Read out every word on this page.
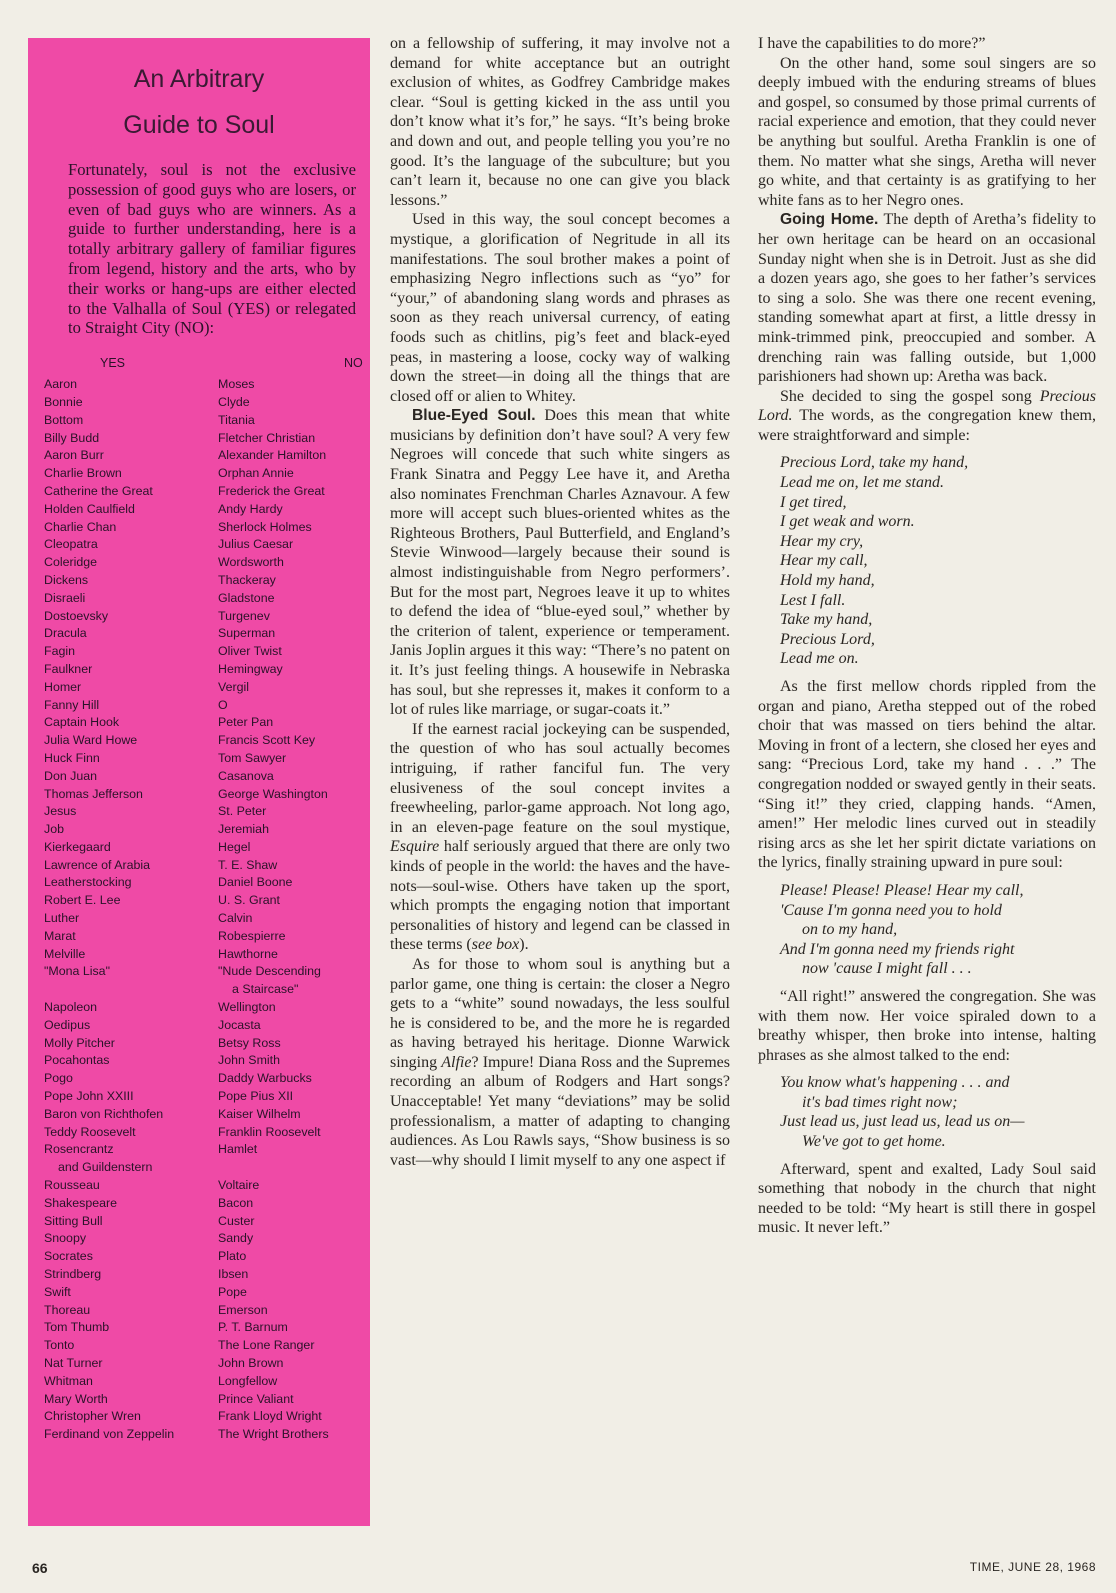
An Arbitrary
Guide to Soul
Fortunately, soul is not the exclusive possession of good guys who are losers, or even of bad guys who are winners. As a guide to further understanding, here is a totally arbitrary gallery of familiar figures from legend, history and the arts, who by their works or hang-ups are either elected to the Valhalla of Soul (YES) or relegated to Straight City (NO):
YES	NO
Aaron	Moses
Bonnie	Clyde
Bottom	Titania
Billy Budd	Fletcher Christian
Aaron Burr	Alexander Hamilton
Charlie Brown	Orphan Annie
Catherine the Great	Frederick the Great
Holden Caulfield	Andy Hardy
Charlie Chan	Sherlock Holmes
Cleopatra	Julius Caesar
Coleridge	Wordsworth
Dickens	Thackeray
Disraeli	Gladstone
Dostoevsky	Turgenev
Dracula	Superman
Fagin	Oliver Twist
Faulkner	Hemingway
Homer	Vergil
Fanny Hill	O
Captain Hook	Peter Pan
Julia Ward Howe	Francis Scott Key
Huck Finn	Tom Sawyer
Don Juan	Casanova
Thomas Jefferson	George Washington
Jesus	St. Peter
Job	Jeremiah
Kierkegaard	Hegel
Lawrence of Arabia	T. E. Shaw
Leatherstocking	Daniel Boone
Robert E. Lee	U. S. Grant
Luther	Calvin
Marat	Robespierre
Melville	Hawthorne
"Mona Lisa"	"Nude Descending
a Staircase"
Napoleon	Wellington
Oedipus	Jocasta
Molly Pitcher	Betsy Ross
Pocahontas	John Smith
Pogo	Daddy Warbucks
Pope John XXIII	Pope Pius XII
Baron von Richthofen	Kaiser Wilhelm
Teddy Roosevelt	Franklin Roosevelt
Rosencrantz	Hamlet
and Guildenstern
Rousseau	Voltaire
Shakespeare	Bacon
Sitting Bull	Custer
Snoopy	Sandy
Socrates	Plato
Strindberg	Ibsen
Swift	Pope
Thoreau	Emerson
Tom Thumb	P. T. Barnum
Tonto	The Lone Ranger
Nat Turner	John Brown
Whitman	Longfellow
Mary Worth	Prince Valiant
Christopher Wren	Frank Lloyd Wright
Ferdinand von Zeppelin	The Wright Brothers

on a fellowship of suffering, it may involve not a demand for white acceptance but an outright exclusion of whites, as Godfrey Cambridge makes clear. “Soul is getting kicked in the ass until you don’t know what it’s for,” he says. “It’s being broke and down and out, and people telling you you’re no good. It’s the language of the subculture; but you can’t learn it, because no one can give you black lessons.”

Used in this way, the soul concept becomes a mystique, a glorification of Negritude in all its manifestations. The soul brother makes a point of emphasizing Negro inflections such as “yo” for “your,” of abandoning slang words and phrases as soon as they reach universal currency, of eating foods such as chitlins, pig’s feet and black-eyed peas, in mastering a loose, cocky way of walking down the street—in doing all the things that are closed off or alien to Whitey.

Blue-Eyed Soul. Does this mean that white musicians by definition don’t have soul? A very few Negroes will concede that such white singers as Frank Sinatra and Peggy Lee have it, and Aretha also nominates Frenchman Charles Aznavour. A few more will accept such blues-oriented whites as the Righteous Brothers, Paul Butterfield, and England’s Stevie Winwood—largely because their sound is almost indistinguishable from Negro performers’. But for the most part, Negroes leave it up to whites to defend the idea of “blue-eyed soul,” whether by the criterion of talent, experience or temperament. Janis Joplin argues it this way: “There’s no patent on it. It’s just feeling things. A housewife in Nebraska has soul, but she represses it, makes it conform to a lot of rules like marriage, or sugar-coats it.”

If the earnest racial jockeying can be suspended, the question of who has soul actually becomes intriguing, if rather fanciful fun. The very elusiveness of the soul concept invites a freewheeling, parlor-game approach. Not long ago, in an eleven-page feature on the soul mystique, Esquire half seriously argued that there are only two kinds of people in the world: the haves and the have-nots—soul-wise. Others have taken up the sport, which prompts the engaging notion that important personalities of history and legend can be classed in these terms (see box).

As for those to whom soul is anything but a parlor game, one thing is certain: the closer a Negro gets to a “white” sound nowadays, the less soulful he is considered to be, and the more he is regarded as having betrayed his heritage. Dionne Warwick singing Alfie? Impure! Diana Ross and the Supremes recording an album of Rodgers and Hart songs? Unacceptable! Yet many “deviations” may be solid professionalism, a matter of adapting to changing audiences. As Lou Rawls says, “Show business is so vast—why should I limit myself to any one aspect if

I have the capabilities to do more?”

On the other hand, some soul singers are so deeply imbued with the enduring streams of blues and gospel, so consumed by those primal currents of racial experience and emotion, that they could never be anything but soulful. Aretha Franklin is one of them. No matter what she sings, Aretha will never go white, and that certainty is as gratifying to her white fans as to her Negro ones.

Going Home. The depth of Aretha’s fidelity to her own heritage can be heard on an occasional Sunday night when she is in Detroit. Just as she did a dozen years ago, she goes to her father’s services to sing a solo. She was there one recent evening, standing somewhat apart at first, a little dressy in mink-trimmed pink, preoccupied and somber. A drenching rain was falling outside, but 1,000 parishioners had shown up: Aretha was back.

She decided to sing the gospel song Precious Lord. The words, as the congregation knew them, were straightforward and simple:

Precious Lord, take my hand,
Lead me on, let me stand.
I get tired,
I get weak and worn.
Hear my cry,
Hear my call,
Hold my hand,
Lest I fall.
Take my hand,
Precious Lord,
Lead me on.

As the first mellow chords rippled from the organ and piano, Aretha stepped out of the robed choir that was massed on tiers behind the altar. Moving in front of a lectern, she closed her eyes and sang: “Precious Lord, take my hand . . .” The congregation nodded or swayed gently in their seats. “Sing it!” they cried, clapping hands. “Amen, amen!” Her melodic lines curved out in steadily rising arcs as she let her spirit dictate variations on the lyrics, finally straining upward in pure soul:

Please! Please! Please! Hear my call,
'Cause I'm gonna need you to hold
on to my hand,
And I'm gonna need my friends right
now 'cause I might fall . . .

“All right!” answered the congregation. She was with them now. Her voice spiraled down to a breathy whisper, then broke into intense, halting phrases as she almost talked to the end:

You know what's happening . . . and
it's bad times right now;
Just lead us, just lead us, lead us on—
We've got to get home.

Afterward, spent and exalted, Lady Soul said something that nobody in the church that night needed to be told: “My heart is still there in gospel music. It never left.”

66	TIME, JUNE 28, 1968
